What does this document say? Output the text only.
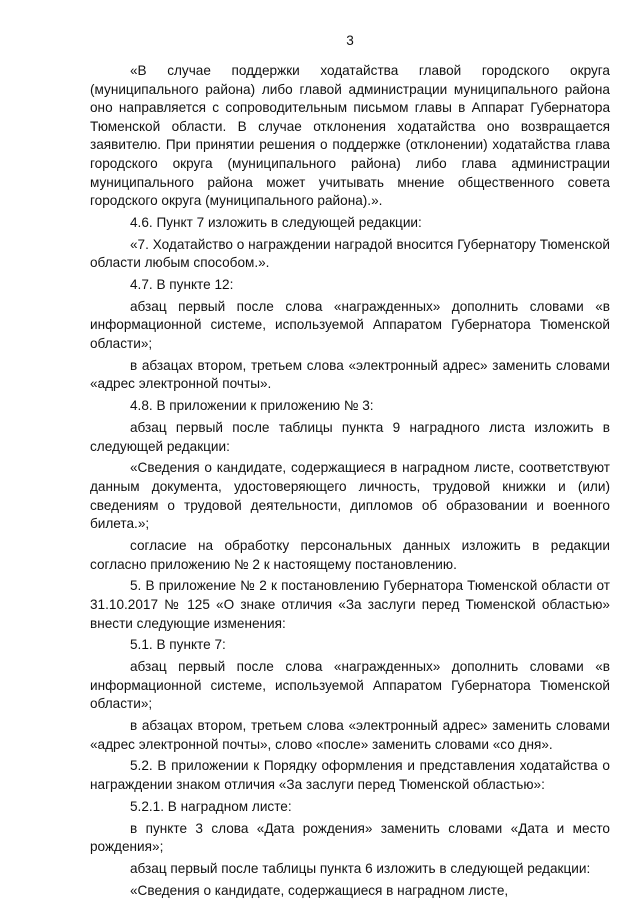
3

«В случае поддержки ходатайства главой городского округа (муниципального района) либо главой администрации муниципального района оно направляется с сопроводительным письмом главы в Аппарат Губернатора Тюменской области. В случае отклонения ходатайства оно возвращается заявителю. При принятии решения о поддержке (отклонении) ходатайства глава городского округа (муниципального района) либо глава администрации муниципального района может учитывать мнение общественного совета городского округа (муниципального района).».

4.6. Пункт 7 изложить в следующей редакции:

«7. Ходатайство о награждении наградой вносится Губернатору Тюменской области любым способом.».

4.7. В пункте 12:

абзац первый после слова «награжденных» дополнить словами «в информационной системе, используемой Аппаратом Губернатора Тюменской области»;

в абзацах втором, третьем слова «электронный адрес» заменить словами «адрес электронной почты».

4.8. В приложении к приложению № 3:

абзац первый после таблицы пункта 9 наградного листа изложить в следующей редакции:

«Сведения о кандидате, содержащиеся в наградном листе, соответствуют данным документа, удостоверяющего личность, трудовой книжки и (или) сведениям о трудовой деятельности, дипломов об образовании и военного билета.»;

согласие на обработку персональных данных изложить в редакции согласно приложению № 2 к настоящему постановлению.

5. В приложение № 2 к постановлению Губернатора Тюменской области от 31.10.2017 № 125 «О знаке отличия «За заслуги перед Тюменской областью» внести следующие изменения:

5.1. В пункте 7:

абзац первый после слова «награжденных» дополнить словами «в информационной системе, используемой Аппаратом Губернатора Тюменской области»;

в абзацах втором, третьем слова «электронный адрес» заменить словами «адрес электронной почты», слово «после» заменить словами «со дня».

5.2. В приложении к Порядку оформления и представления ходатайства о награждении знаком отличия «За заслуги перед Тюменской областью»:

5.2.1. В наградном листе:

в пункте 3 слова «Дата рождения» заменить словами «Дата и место рождения»;

абзац первый после таблицы пункта 6 изложить в следующей редакции:

«Сведения о кандидате, содержащиеся в наградном листе,
